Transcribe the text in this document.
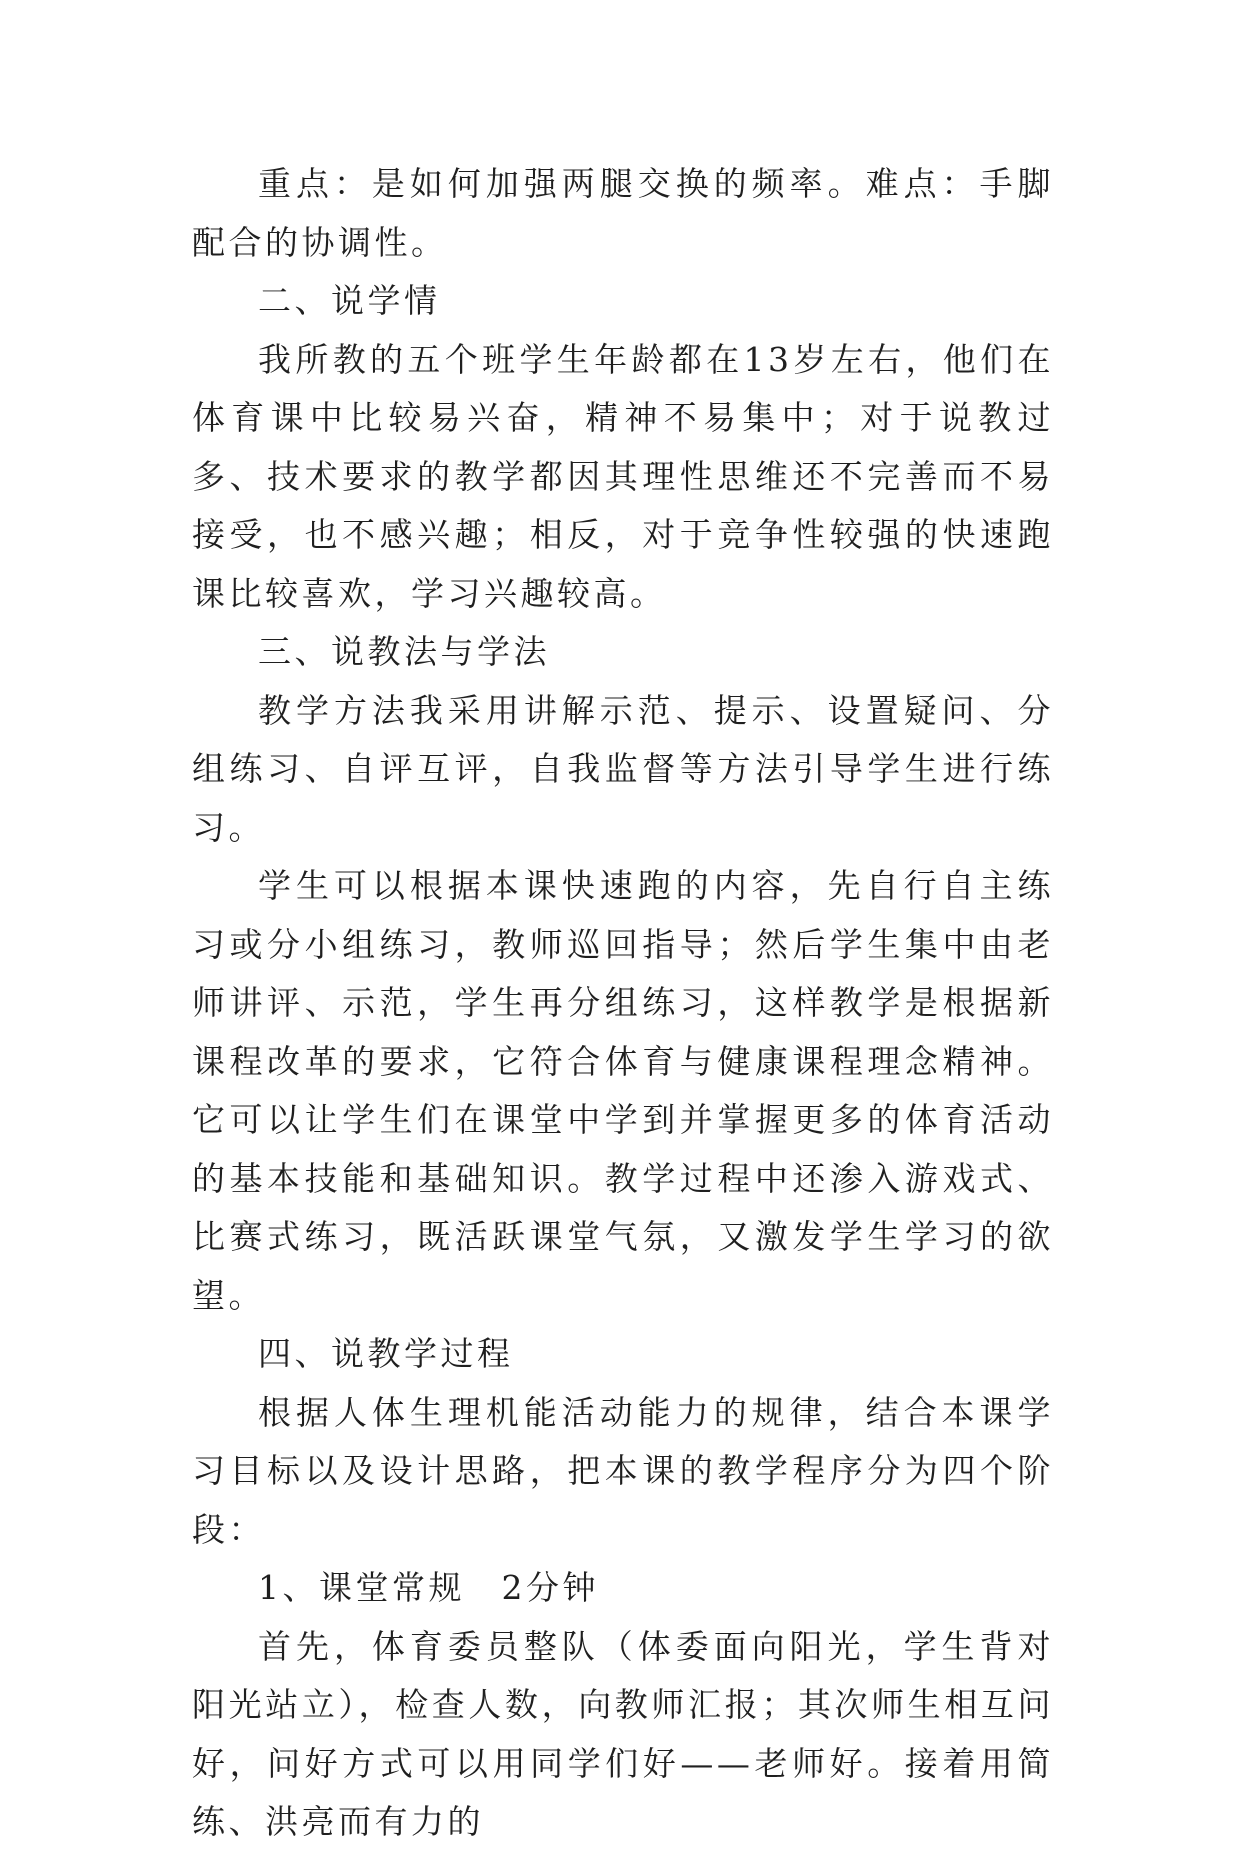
重点：是如何加强两腿交换的频率。难点：手脚配合的协调性。

二、说学情

我所教的五个班学生年龄都在13岁左右，他们在体育课中比较易兴奋，精神不易集中；对于说教过多、技术要求的教学都因其理性思维还不完善而不易接受，也不感兴趣；相反，对于竞争性较强的快速跑课比较喜欢，学习兴趣较高。

三、说教法与学法

教学方法我采用讲解示范、提示、设置疑问、分组练习、自评互评，自我监督等方法引导学生进行练习。

学生可以根据本课快速跑的内容，先自行自主练习或分小组练习，教师巡回指导；然后学生集中由老师讲评、示范，学生再分组练习，这样教学是根据新课程改革的要求，它符合体育与健康课程理念精神。它可以让学生们在课堂中学到并掌握更多的体育活动的基本技能和基础知识。教学过程中还渗入游戏式、比赛式练习，既活跃课堂气氛，又激发学生学习的欲望。

四、说教学过程

根据人体生理机能活动能力的规律，结合本课学习目标以及设计思路，把本课的教学程序分为四个阶段：

1、课堂常规　2分钟

首先，体育委员整队（体委面向阳光，学生背对阳光站立），检查人数，向教师汇报；其次师生相互问好，问好方式可以用同学们好——老师好。接着用简练、洪亮而有力的
